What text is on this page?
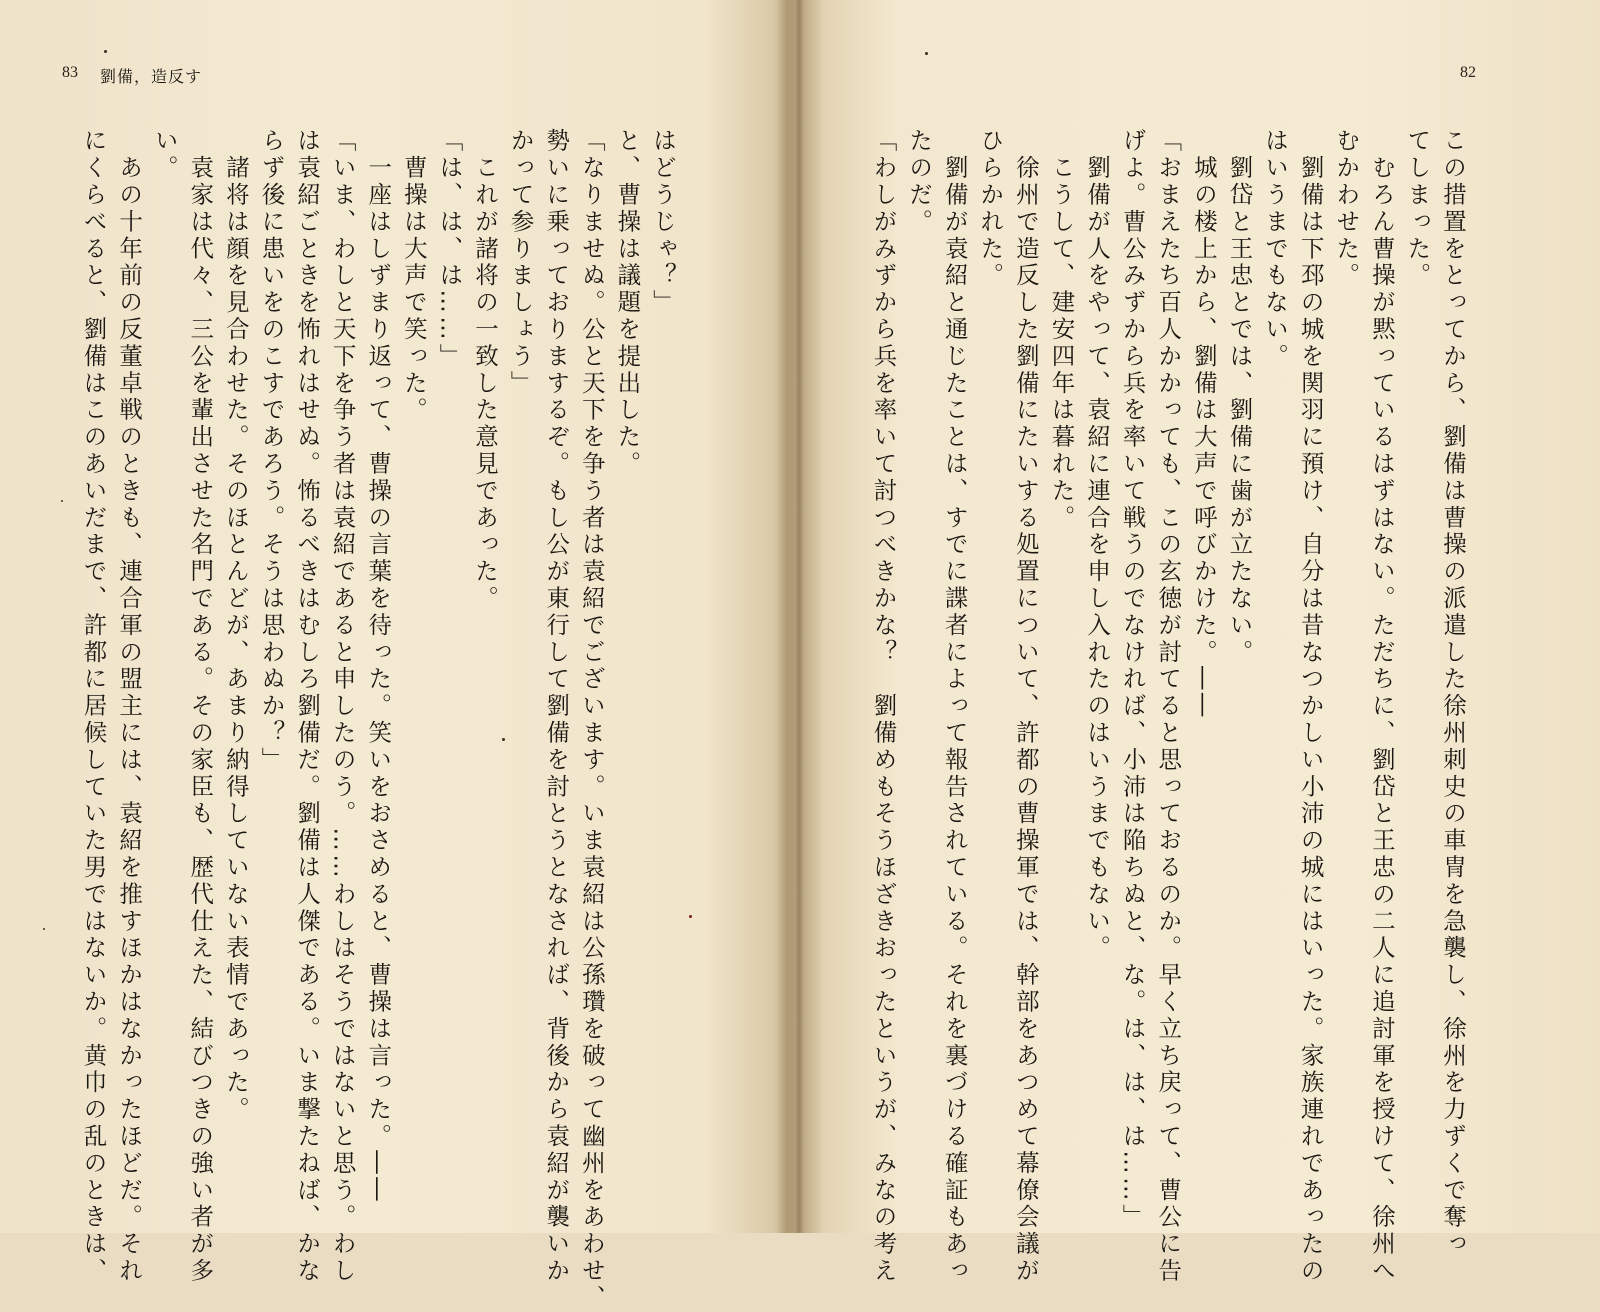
83 劉備，造反す
はどうじゃ？」
と、曹操は議題を提出した。
「なりませぬ。公と天下を争う者は袁紹でございます。いま袁紹は公孫瓚を破って幽州をあわせ、
勢いに乗っておりまするぞ。もし公が東行して劉備を討とうとなされば、背後から袁紹が襲いか
かって参りましょう」
　これが諸将の一致した意見であった。
「は、は、は……」
　曹操は大声で笑った。
　一座はしずまり返って、曹操の言葉を待った。笑いをおさめると、曹操は言った。――
「いま、わしと天下を争う者は袁紹であると申したのう。……わしはそうではないと思う。わし
は袁紹ごときを怖れはせぬ。怖るべきはむしろ劉備だ。劉備は人傑である。いま撃たねば、かな
らず後に患いをのこすであろう。そうは思わぬか？」
　諸将は顔を見合わせた。そのほとんどが、あまり納得していない表情であった。
　袁家は代々、三公を輩出させた名門である。その家臣も、歴代仕えた、結びつきの強い者が多
い。
　あの十年前の反董卓戦のときも、連合軍の盟主には、袁紹を推すほかはなかったほどだ。それ
にくらべると、劉備はこのあいだまで、許都に居候していた男ではないか。黄巾の乱のときは、
82
この措置をとってから、劉備は曹操の派遣した徐州刺史の車冑を急襲し、徐州を力ずくで奪っ
てしまった。
　むろん曹操が黙っているはずはない。ただちに、劉岱と王忠の二人に追討軍を授けて、徐州へ
むかわせた。
　劉備は下邳の城を関羽に預け、自分は昔なつかしい小沛の城にはいった。家族連れであったの
はいうまでもない。
　劉岱と王忠とでは、劉備に歯が立たない。
　城の楼上から、劉備は大声で呼びかけた。――
「おまえたち百人かかっても、この玄徳が討てると思っておるのか。早く立ち戻って、曹公に告
げよ。曹公みずから兵を率いて戦うのでなければ、小沛は陥ちぬと、な。は、は、は……」
　劉備が人をやって、袁紹に連合を申し入れたのはいうまでもない。
　こうして、建安四年は暮れた。
　徐州で造反した劉備にたいする処置について、許都の曹操軍では、幹部をあつめて幕僚会議が
ひらかれた。
　劉備が袁紹と通じたことは、すでに諜者によって報告されている。それを裏づける確証もあっ
たのだ。
「わしがみずから兵を率いて討つべきかな？　劉備めもそうほざきおったというが、みなの考え
